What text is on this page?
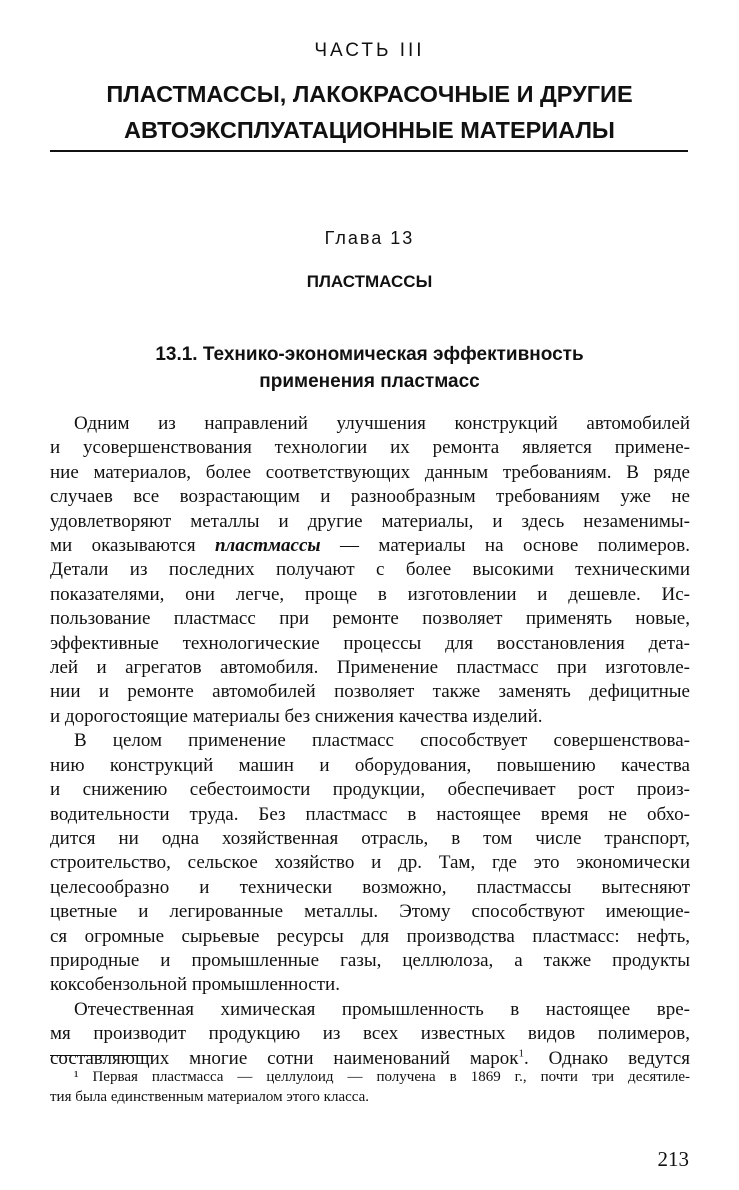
ЧАСТЬ III
ПЛАСТМАССЫ, ЛАКОКРАСОЧНЫЕ И ДРУГИЕ
АВТОЭКСПЛУАТАЦИОННЫЕ МАТЕРИАЛЫ
Глава 13
ПЛАСТМАССЫ
13.1. Технико-экономическая эффективность
применения пластмасс
Одним из направлений улучшения конструкций автомобилей
и усовершенствования технологии их ремонта является примене-
ние материалов, более соответствующих данным требованиям. В ряде
случаев все возрастающим и разнообразным требованиям уже не
удовлетворяют металлы и другие материалы, и здесь незаменимы-
ми оказываются пластмассы — материалы на основе полимеров.
Детали из последних получают с более высокими техническими
показателями, они легче, проще в изготовлении и дешевле. Ис-
пользование пластмасс при ремонте позволяет применять новые,
эффективные технологические процессы для восстановления дета-
лей и агрегатов автомобиля. Применение пластмасс при изготовле-
нии и ремонте автомобилей позволяет также заменять дефицитные
и дорогостоящие материалы без снижения качества изделий.
В целом применение пластмасс способствует совершенствова-
нию конструкций машин и оборудования, повышению качества
и снижению себестоимости продукции, обеспечивает рост произ-
водительности труда. Без пластмасс в настоящее время не обхо-
дится ни одна хозяйственная отрасль, в том числе транспорт,
строительство, сельское хозяйство и др. Там, где это экономически
целесообразно и технически возможно, пластмассы вытесняют
цветные и легированные металлы. Этому способствуют имеющие-
ся огромные сырьевые ресурсы для производства пластмасс: нефть,
природные и промышленные газы, целлюлоза, а также продукты
коксобензольной промышленности.
Отечественная химическая промышленность в настоящее вре-
мя производит продукцию из всех известных видов полимеров,
составляющих многие сотни наименований марок$^1$. Однако ведутся
¹ Первая пластмасса — целлулоид — получена в 1869 г., почти три десятиле-
тия была единственным материалом этого класса.
213
